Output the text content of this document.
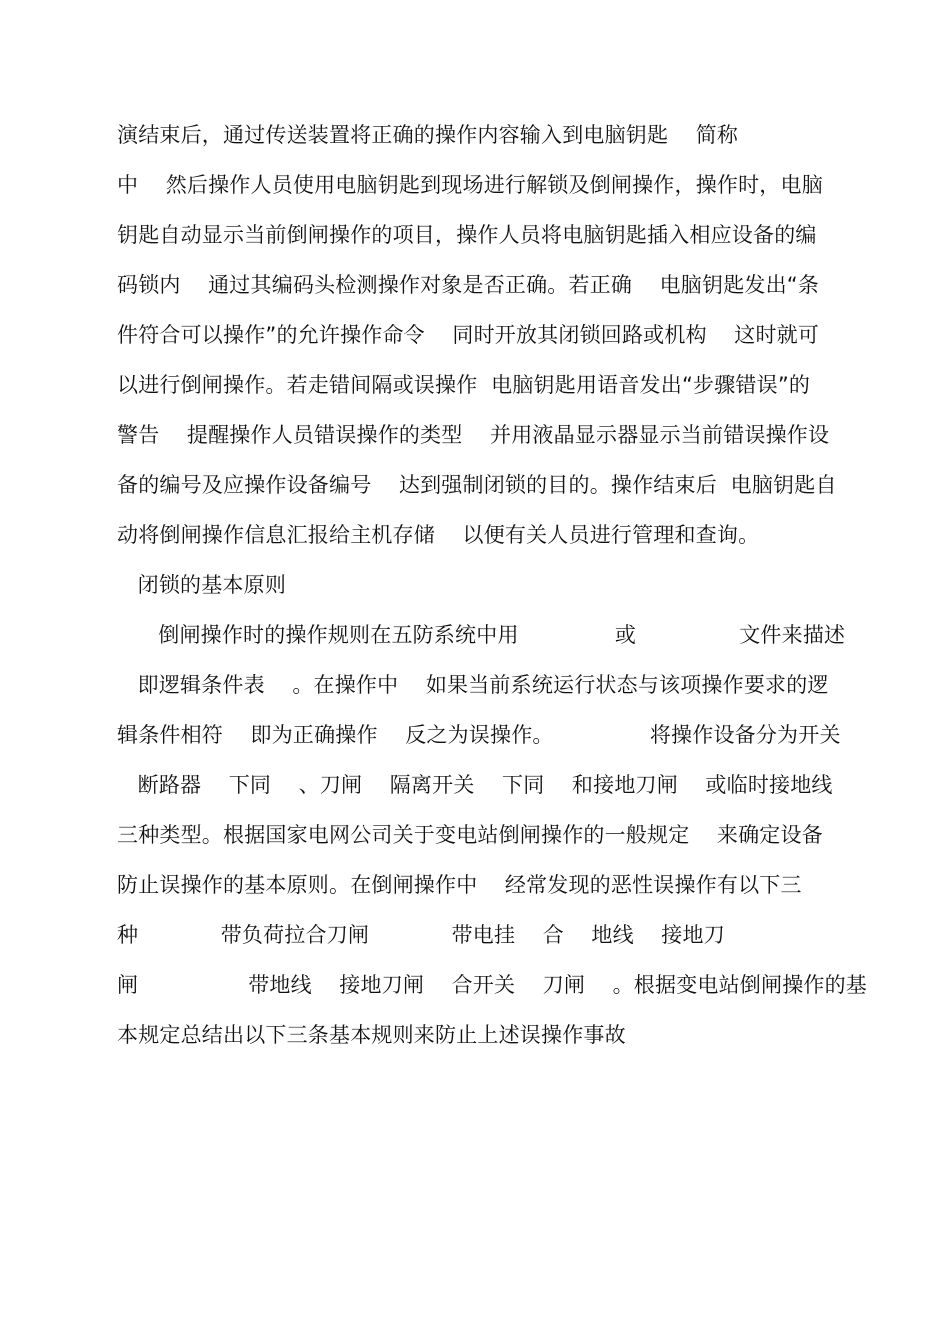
演结束后，通过传送装置将正确的操作内容输入到电脑钥匙    简称
中    然后操作人员使用电脑钥匙到现场进行解锁及倒闸操作，操作时，电脑
钥匙自动显示当前倒闸操作的项目，操作人员将电脑钥匙插入相应设备的编
码锁内    通过其编码头检测操作对象是否正确。若正确    电脑钥匙发出“条
件符合可以操作”的允许操作命令    同时开放其闭锁回路或机构    这时就可
以进行倒闸操作。若走错间隔或误操作  电脑钥匙用语音发出“步骤错误”的
警告    提醒操作人员错误操作的类型    并用液晶显示器显示当前错误操作设
备的编号及应操作设备编号    达到强制闭锁的目的。操作结束后  电脑钥匙自
动将倒闸操作信息汇报给主机存储    以便有关人员进行管理和查询。
闭锁的基本原则
倒闸操作时的操作规则在五防系统中用              或               文件来描述
即逻辑条件表    。在操作中    如果当前系统运行状态与该项操作要求的逻
辑条件相符    即为正确操作    反之为误操作。              将操作设备分为开关
断路器    下同    、刀闸    隔离开关    下同    和接地刀闸    或临时接地线
三种类型。根据国家电网公司关于变电站倒闸操作的一般规定    来确定设备
防止误操作的基本原则。在倒闸操作中    经常发现的恶性误操作有以下三
种            带负荷拉合刀闸            带电挂    合    地线    接地刀
闸                带地线    接地刀闸    合开关    刀闸    。根据变电站倒闸操作的基
本规定总结出以下三条基本规则来防止上述误操作事故
